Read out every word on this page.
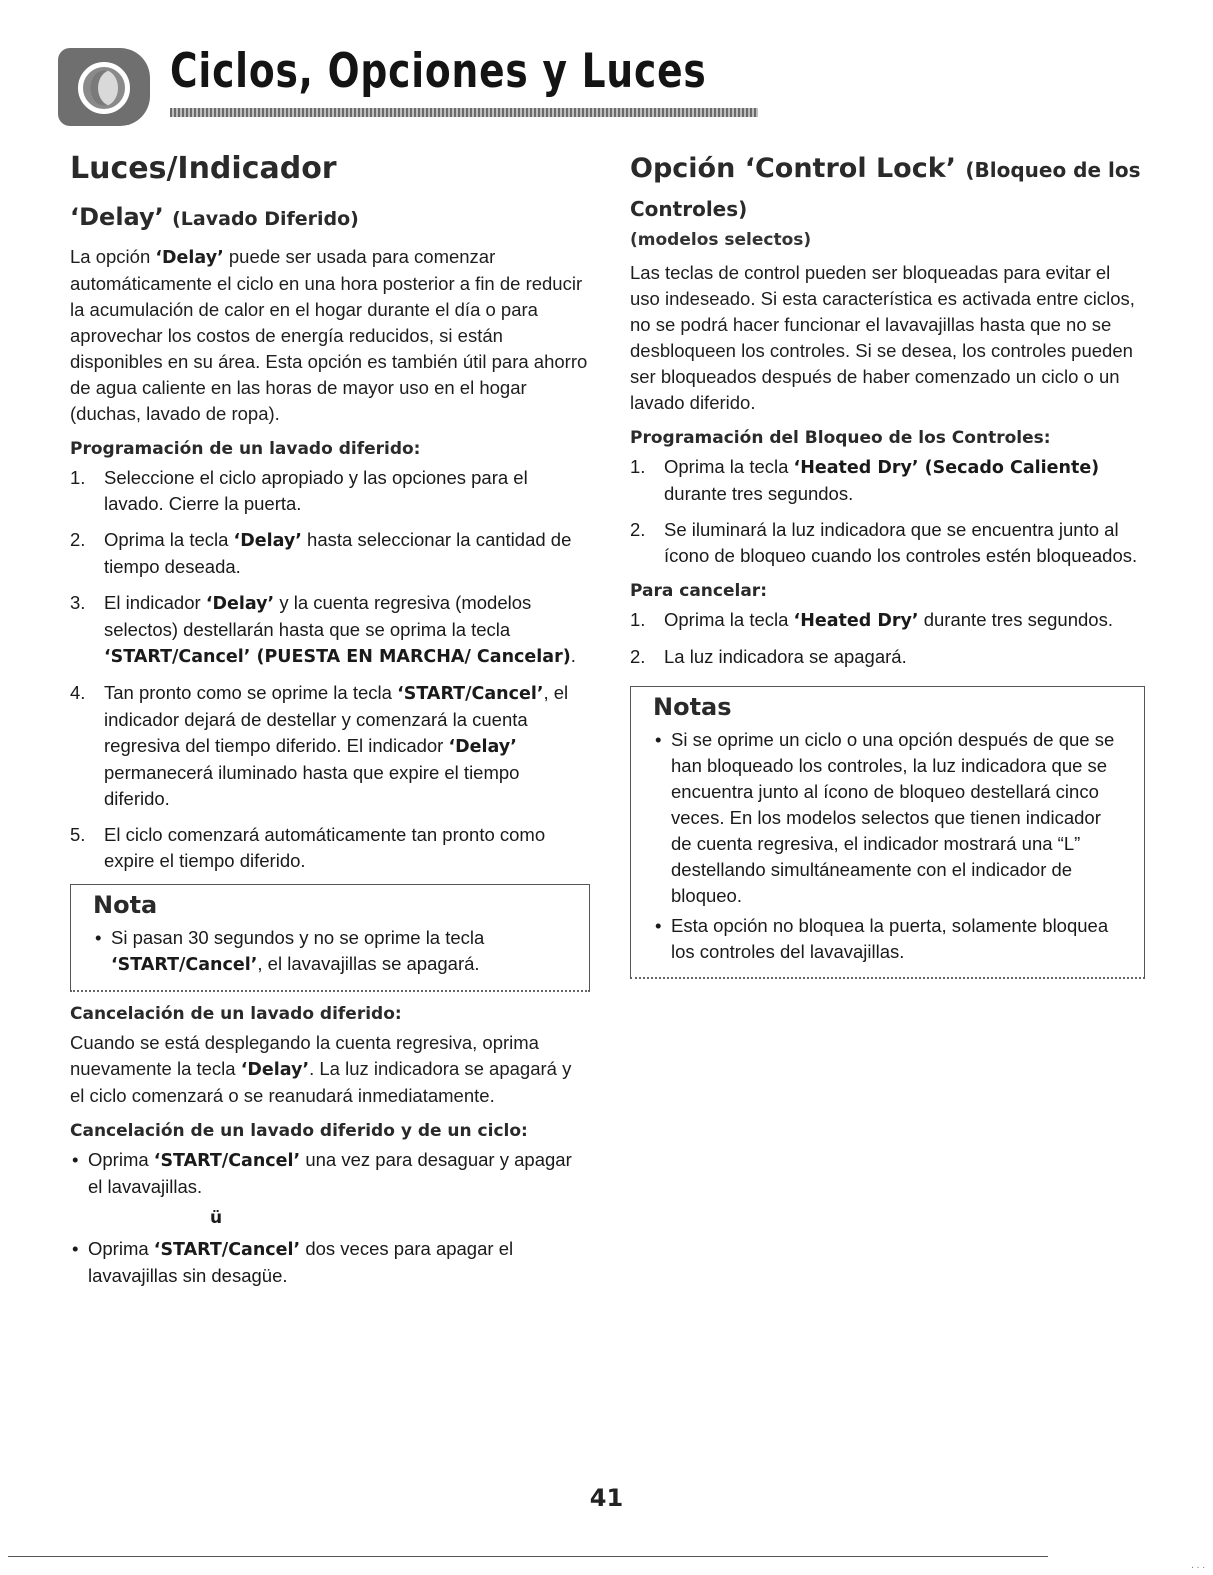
Ciclos, Opciones y Luces
Luces/Indicador
‘Delay’ (Lavado Diferido)

La opción ‘Delay’ puede ser usada para comenzar automáticamente el ciclo en una hora posterior a fin de reducir la acumulación de calor en el hogar durante el día o para aprovechar los costos de energía reducidos, si están disponibles en su área. Esta opción es también útil para ahorro de agua caliente en las horas de mayor uso en el hogar (duchas, lavado de ropa).

Programación de un lavado diferido:
1. Seleccione el ciclo apropiado y las opciones para el lavado. Cierre la puerta.
2. Oprima la tecla ‘Delay’ hasta seleccionar la cantidad de tiempo deseada.
3. El indicador ‘Delay’ y la cuenta regresiva (modelos selectos) destellarán hasta que se oprima la tecla ‘START/Cancel’ (PUESTA EN MARCHA/ Cancelar).
4. Tan pronto como se oprime la tecla ‘START/Cancel’, el indicador dejará de destellar y comenzará la cuenta regresiva del tiempo diferido. El indicador ‘Delay’ permanecerá iluminado hasta que expire el tiempo diferido.
5. El ciclo comenzará automáticamente tan pronto como expire el tiempo diferido.
Nota
• Si pasan 30 segundos y no se oprime la tecla ‘START/Cancel’, el lavavajillas se apagará.
Cancelación de un lavado diferido:

Cuando se está desplegando la cuenta regresiva, oprima nuevamente la tecla ‘Delay’. La luz indicadora se apagará y el ciclo comenzará o se reanudará inmediatamente.

Cancelación de un lavado diferido y de un ciclo:
• Oprima ‘START/Cancel’ una vez para desaguar y apagar el lavavajillas.
ü
• Oprima ‘START/Cancel’ dos veces para apagar el lavavajillas sin desagüe.
Opción ‘Control Lock’ (Bloqueo de los Controles)
(modelos selectos)

Las teclas de control pueden ser bloqueadas para evitar el uso indeseado. Si esta característica es activada entre ciclos, no se podrá hacer funcionar el lavavajillas hasta que no se desbloqueen los controles. Si se desea, los controles pueden ser bloqueados después de haber comenzado un ciclo o un lavado diferido.

Programación del Bloqueo de los Controles:
1. Oprima la tecla ‘Heated Dry’ (Secado Caliente) durante tres segundos.
2. Se iluminará la luz indicadora que se encuentra junto al ícono de bloqueo cuando los controles estén bloqueados.
Para cancelar:
1. Oprima la tecla ‘Heated Dry’ durante tres segundos.
2. La luz indicadora se apagará.
Notas
• Si se oprime un ciclo o una opción después de que se han bloqueado los controles, la luz indicadora que se encuentra junto al ícono de bloqueo destellará cinco veces. En los modelos selectos que tienen indicador de cuenta regresiva, el indicador mostrará una “L” destellando simultáneamente con el indicador de bloqueo.
• Esta opción no bloquea la puerta, solamente bloquea los controles del lavavajillas.
41
. . .
